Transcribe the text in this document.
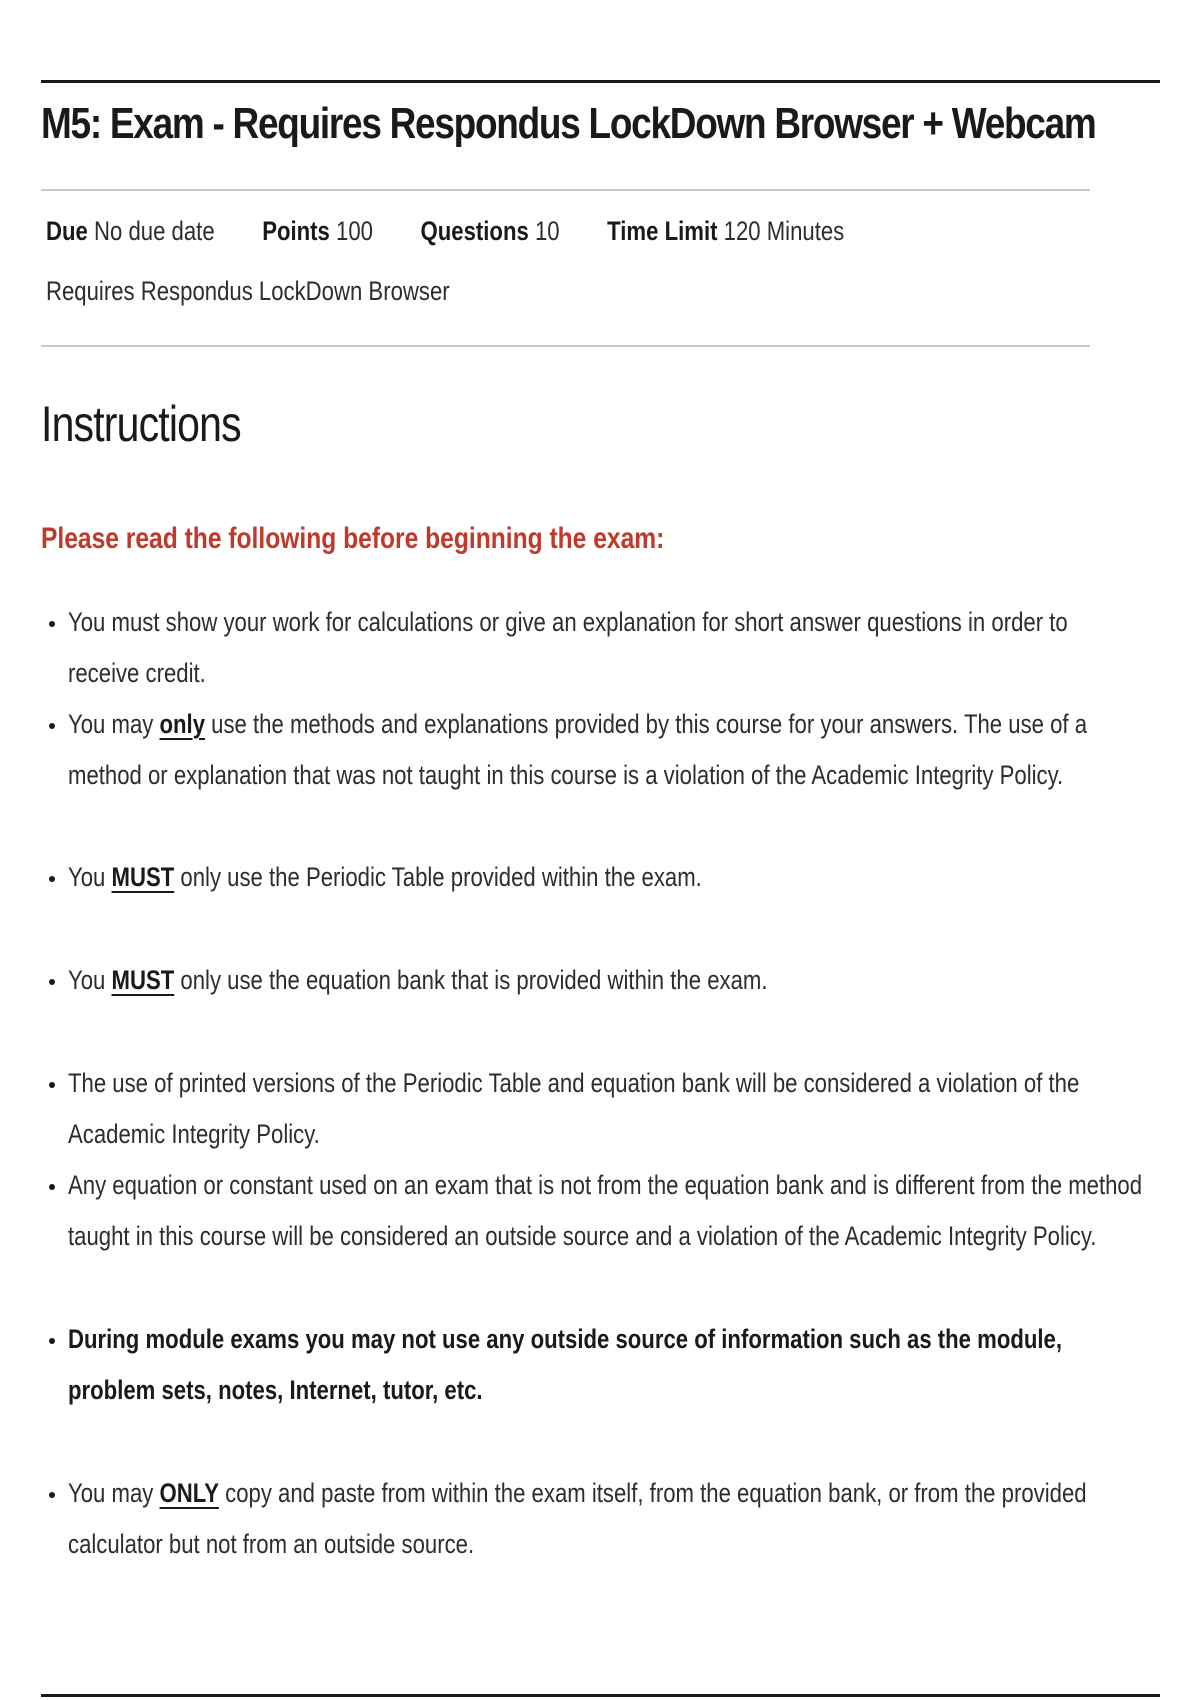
M5: Exam - Requires Respondus LockDown Browser + Webcam
Due No due date Points 100 Questions 10 Time Limit 120 Minutes
Requires Respondus LockDown Browser
Instructions

Please read the following before beginning the exam:

You must show your work for calculations or give an explanation for short answer questions in order to receive credit.
You may only use the methods and explanations provided by this course for your answers. The use of a method or explanation that was not taught in this course is a violation of the Academic Integrity Policy.
You MUST only use the Periodic Table provided within the exam.
You MUST only use the equation bank that is provided within the exam.
The use of printed versions of the Periodic Table and equation bank will be considered a violation of the Academic Integrity Policy.
Any equation or constant used on an exam that is not from the equation bank and is different from the method taught in this course will be considered an outside source and a violation of the Academic Integrity Policy.
During module exams you may not use any outside source of information such as the module, problem sets, notes, Internet, tutor, etc.
You may ONLY copy and paste from within the exam itself, from the equation bank, or from the provided calculator but not from an outside source.
